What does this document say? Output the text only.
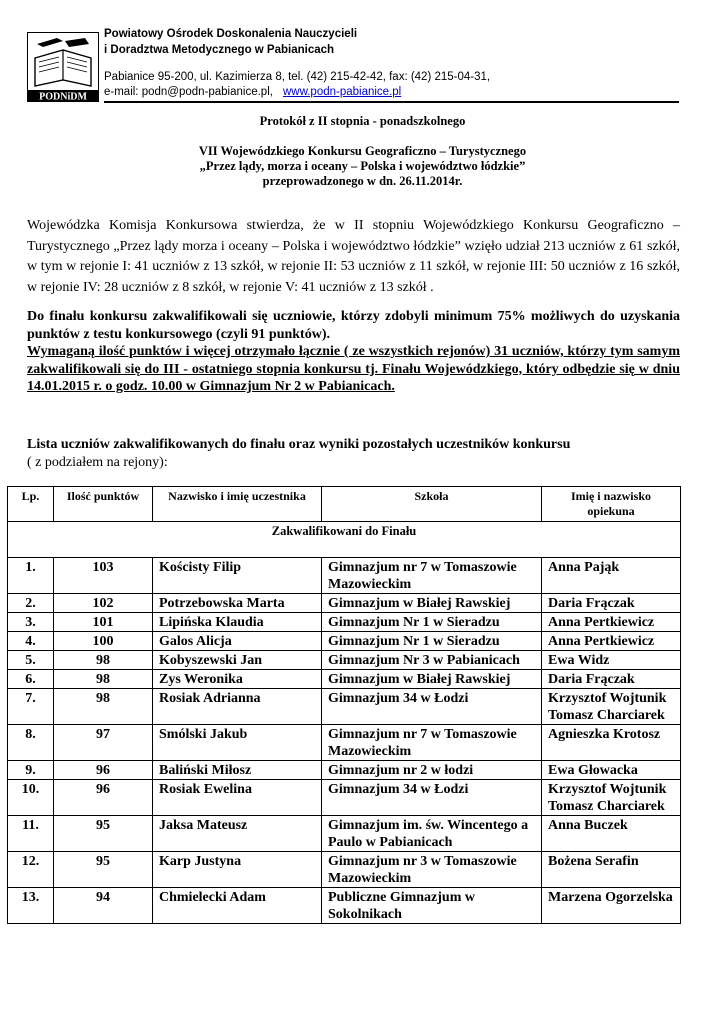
PODNiDM
Powiatowy Ośrodek Doskonalenia Nauczycieli
i Doradztwa Metodycznego w Pabianicach
Pabianice 95-200, ul. Kazimierza 8, tel. (42) 215-42-42, fax: (42) 215-04-31,
e-mail: podn@podn-pabianice.pl, www.podn-pabianice.pl
Protokół z II stopnia - ponadszkolnego
VII Wojewódzkiego Konkursu Geograficzno – Turystycznego
„Przez lądy, morza i oceany – Polska i województwo łódzkie”
przeprowadzonego w dn. 26.11.2014r.
Wojewódzka Komisja Konkursowa stwierdza, że w II stopniu Wojewódzkiego Konkursu Geograficzno – Turystycznego „Przez lądy morza i oceany – Polska i województwo łódzkie” wzięło udział 213 uczniów z 61 szkół, w tym w rejonie I: 41 uczniów z 13 szkół, w rejonie II: 53 uczniów z 11 szkół, w rejonie III: 50 uczniów z 16 szkół, w rejonie IV: 28 uczniów z 8 szkół, w rejonie V: 41 uczniów z 13 szkół .
Do finału konkursu zakwalifikowali się uczniowie, którzy zdobyli minimum 75% możliwych do uzyskania punktów z testu konkursowego (czyli 91 punktów).
Wymaganą ilość punktów i więcej otrzymało łącznie ( ze wszystkich rejonów) 31 uczniów, którzy tym samym zakwalifikowali się do III - ostatniego stopnia konkursu tj. Finału Wojewódzkiego, który odbędzie się w dniu 14.01.2015 r. o godz. 10.00 w Gimnazjum Nr 2 w Pabianicach.
Lista uczniów zakwalifikowanych do finału oraz wyniki pozostałych uczestników konkursu
( z podziałem na rejony):
Lp.	Ilość punktów	Nazwisko i imię uczestnika	Szkoła	Imię i nazwisko opiekuna
Zakwalifikowani do Finału				
1.	103	Kościsty Filip	Gimnazjum nr 7 w Tomaszowie Mazowieckim	Anna Pająk
2.	102	Potrzebowska Marta	Gimnazjum w Białej Rawskiej	Daria Frączak
3.	101	Lipińska Klaudia	Gimnazjum Nr 1 w Sieradzu	Anna Pertkiewicz
4.	100	Galos Alicja	Gimnazjum Nr 1 w Sieradzu	Anna Pertkiewicz
5.	98	Kobyszewski Jan	Gimnazjum Nr 3 w Pabianicach	Ewa Widz
6.	98	Zys Weronika	Gimnazjum w Białej Rawskiej	Daria Frączak
7.	98	Rosiak Adrianna	Gimnazjum 34 w Łodzi	Krzysztof Wojtunik Tomasz Charciarek
8.	97	Smólski Jakub	Gimnazjum nr 7 w Tomaszowie Mazowieckim	Agnieszka Krotosz
9.	96	Baliński Miłosz	Gimnazjum nr 2 w łodzi	Ewa Głowacka
10.	96	Rosiak Ewelina	Gimnazjum 34 w Łodzi	Krzysztof Wojtunik Tomasz Charciarek
11.	95	Jaksa Mateusz	Gimnazjum im. św. Wincentego a Paulo w Pabianicach	Anna Buczek
12.	95	Karp Justyna	Gimnazjum nr 3 w Tomaszowie Mazowieckim	Bożena Serafin
13.	94	Chmielecki Adam	Publiczne Gimnazjum w Sokolnikach	Marzena Ogorzelska
